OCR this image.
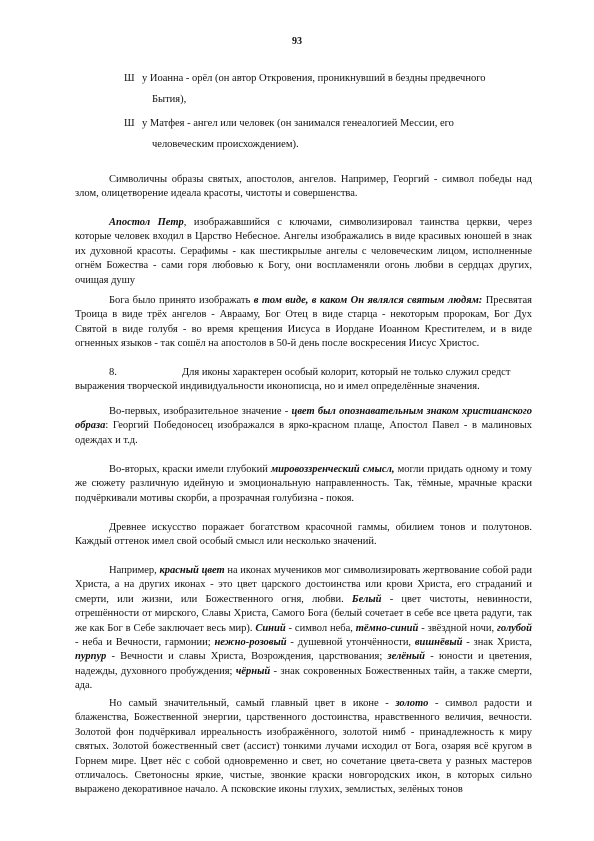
93
Ш у Иоанна - орёл (он автор Откровения, проникнувший в бездны предвечного
Бытия),
Ш у Матфея - ангел или человек (он занимался генеалогией Мессии, его
человеческим происхождением).

Символичны образы святых, апостолов, ангелов. Например, Георгий - символ победы над злом, олицетворение идеала красоты, чистоты и совершенства.

Апостол Петр, изображавшийся с ключами, символизировал таинства церкви, через которые человек входил в Царство Небесное. Ангелы изображались в виде красивых юношей в знак их духовной красоты. Серафимы - как шестикрылые ангелы с человеческим лицом, исполненные огнём Божества - сами горя любовью к Богу, они воспламеняли огонь любви в сердцах других, очищая душу

Бога было принято изображать в том виде, в каком Он являлся святым людям: Пресвятая Троица в виде трёх ангелов - Аврааму, Бог Отец в виде старца - некоторым пророкам, Бог Дух Святой в виде голубя - во время крещения Иисуса в Иордане Иоанном Крестителем, и в виде огненных языков - так сошёл на апостолов в 50-й день после воскресения Иисус Христос.

8.	Для иконы характерен особый колорит, который не только служил средст

выражения творческой индивидуальности иконописца, но и имел определённые значения.

Во-первых, изобразительное значение - цвет был опознавательным знаком христианского образа: Георгий Победоносец изображался в ярко-красном плаще, Апостол Павел - в малиновых одеждах и т.д.

Во-вторых, краски имели глубокий мировоззренческий смысл, могли придать одному и тому же сюжету различную идейную и эмоциональную направленность. Так, тёмные, мрачные краски подчёркивали мотивы скорби, а прозрачная голубизна - покоя.

Древнее искусство поражает богатством красочной гаммы, обилием тонов и полутонов. Каждый оттенок имел свой особый смысл или несколько значений.

Например, красный цвет на иконах мучеников мог символизировать жертвование собой ради Христа, а на других иконах - это цвет царского достоинства или крови Христа, его страданий и смерти, или жизни, или Божественного огня, любви. Белый - цвет чистоты, невинности, отрешённости от мирского, Славы Христа, Самого Бога (белый сочетает в себе все цвета радуги, так же как Бог в Себе заключает весь мир). Синий - символ неба, тёмно-синий - звёздной ночи, голубой - неба и Вечности, гармонии; нежно-розовый - душевной утончённости, вишнёвый - знак Христа, пурпур - Вечности и славы Христа, Возрождения, царствования; зелёный - юности и цветения, надежды, духовного пробуждения; чёрный - знак сокровенных Божественных тайн, а также смерти, ада.

Но самый значительный, самый главный цвет в иконе - золото - символ радости и блаженства, Божественной энергии, царственного достоинства, нравственного величия, вечности. Золотой фон подчёркивал ирреальность изображённого, золотой нимб - принадлежность к миру святых. Золотой божественный свет (ассист) тонкими лучами исходил от Бога, озаряя всё кругом в Горнем мире. Цвет нёс с собой одновременно и свет, но сочетание цвета-света у разных мастеров отличалось. Светоносны яркие, чистые, звонкие краски новгородских икон, в которых сильно выражено декоративное начало. А псковские иконы глухих, землистых, зелёных тонов
